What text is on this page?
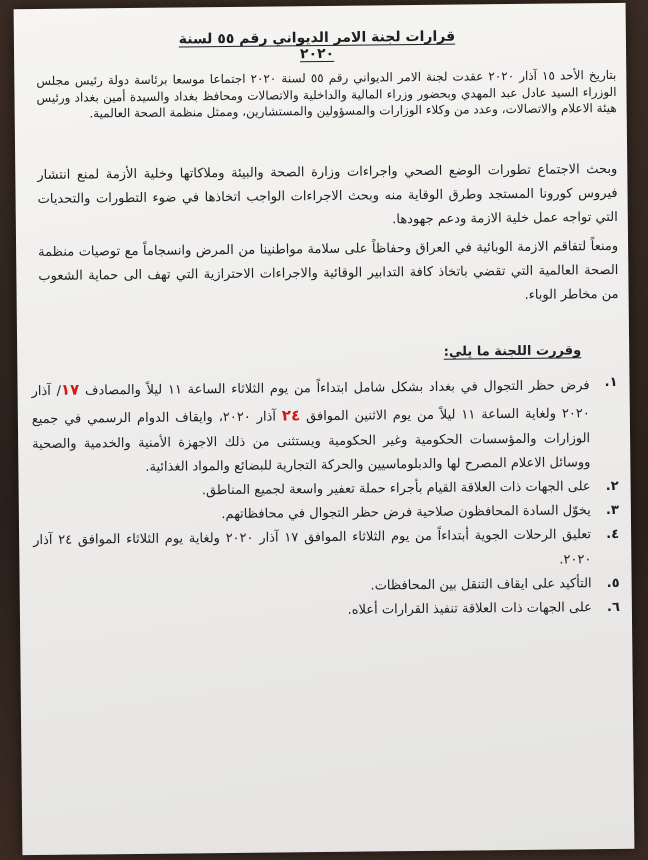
قرارات لجنة الامر الديواني رقم ٥٥ لسنة ٢٠٢٠
بتاريخ الأحد ١٥ آذار ٢٠٢٠ عقدت لجنة الامر الديواني رقم ٥٥ لسنة ٢٠٢٠ اجتماعا موسعا برئاسة دولة رئيس مجلس الوزراء السيد عادل عبد المهدي وبحضور وزراء المالية والداخلية والاتصالات ومحافظ بغداد والسيدة أمين بغداد ورئيس هيئة الاعلام والاتصالات، وعدد من وكلاء الوزارات والمسؤولين والمستشارين، وممثل منظمة الصحة العالمية.
وبحث الاجتماع تطورات الوضع الصحي واجراءات وزارة الصحة والبيئة وملاكاتها وخلية الأزمة لمنع انتشار فيروس كورونا المستجد وطرق الوقاية منه وبحث الاجراءات الواجب اتخاذها في ضوء التطورات والتحديات التي تواجه عمل خلية الازمة ودعم جهودها.
ومنعاً لتفاقم الازمة الوبائية في العراق وحفاظاً على سلامة مواطنينا من المرض وانسجاماً مع توصيات منظمة الصحة العالمية التي تقضي باتخاذ كافة التدابير الوقائية والاجراءات الاحترازية التي تهف الى حماية الشعوب من مخاطر الوباء.
وقررت اللجنة ما يلي:
١.
فرض حظر التجوال في بغداد بشكل شامل ابتداءاً من يوم الثلاثاء الساعة ١١ ليلاً والمصادف ١٧/ آذار ٢٠٢٠ ولغاية الساعة ١١ ليلاً من يوم الاثنين الموافق ٢٤ آذار ٢٠٢٠، وايقاف الدوام الرسمي في جميع الوزارات والمؤسسات الحكومية وغير الحكومية ويستثنى من ذلك الاجهزة الأمنية والخدمية والصحية ووسائل الاعلام المصرح لها والدبلوماسيين والحركة التجارية للبضائع والمواد الغذائية.
٢.
على الجهات ذات العلاقة القيام بأجراء حملة تعفير واسعة لجميع المناطق.
٣.
يخوّل السادة المحافظون صلاحية فرض حظر التجوال في محافظاتهم.
٤.
تعليق الرحلات الجوية أبتداءاً من يوم الثلاثاء الموافق ١٧ آذار ٢٠٢٠ ولغاية يوم الثلاثاء الموافق ٢٤ آذار ٢٠٢٠.
٥.
التأكيد على ايقاف التنقل بين المحافظات.
٦.
على الجهات ذات العلاقة تنفيذ القرارات أعلاه.
